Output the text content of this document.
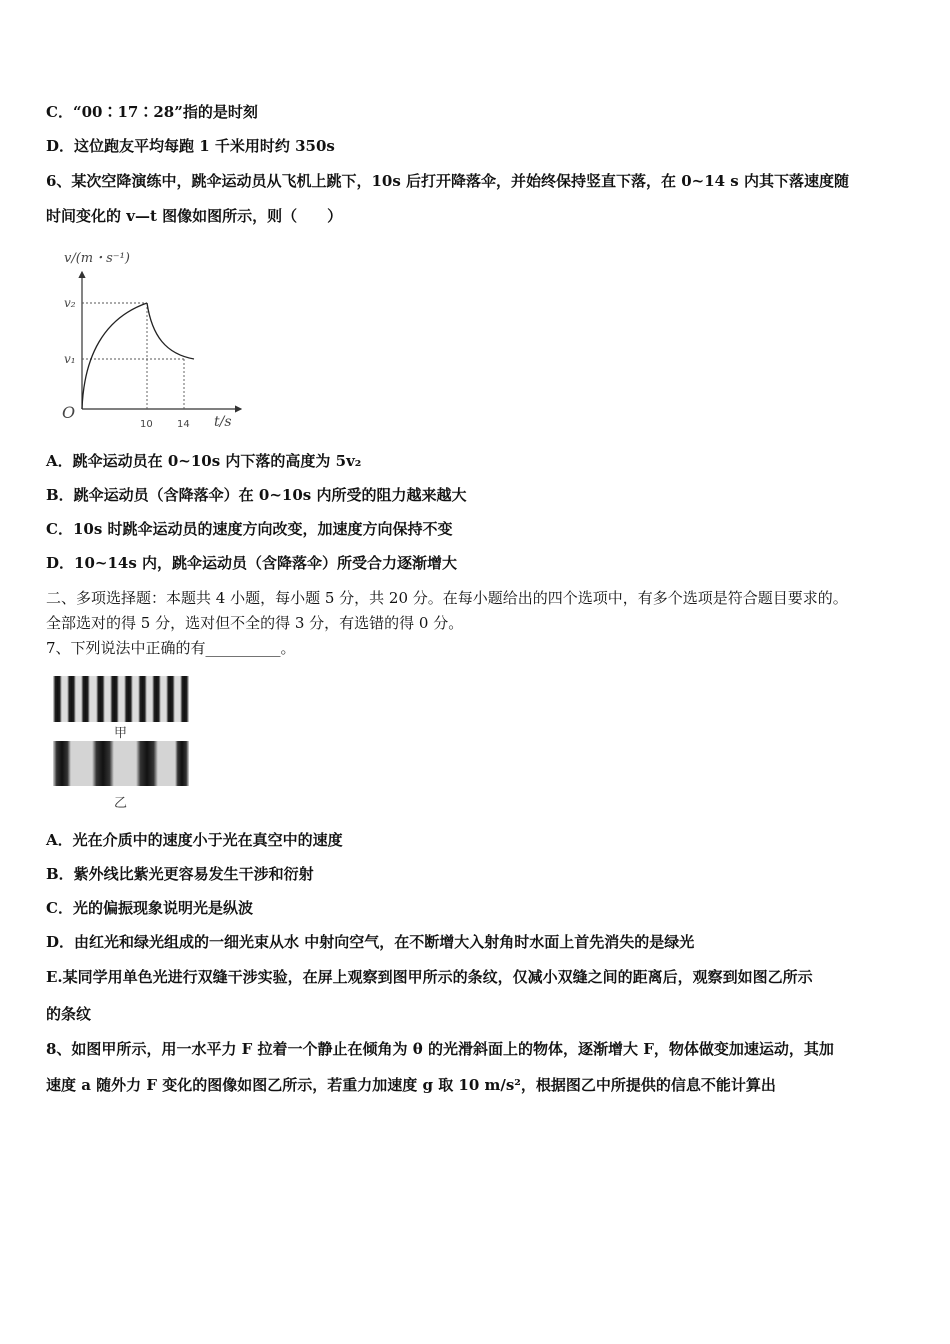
C．“00∶17∶28”指的是时刻
D．这位跑友平均每跑 1 千米用时约 350s
6、某次空降演练中，跳伞运动员从飞机上跳下，10s 后打开降落伞，并始终保持竖直下落，在 0~14 s 内其下落速度随
时间变化的 v—t 图像如图所示，则（　　）
v/(m・s⁻¹)
t/s
O
v₂
v₁
10 14
A．跳伞运动员在 0~10s 内下落的高度为 5v₂
B．跳伞运动员（含降落伞）在 0~10s 内所受的阻力越来越大
C．10s 时跳伞运动员的速度方向改变，加速度方向保持不变
D．10~14s 内，跳伞运动员（含降落伞）所受合力逐渐增大
二、多项选择题：本题共 4 小题，每小题 5 分，共 20 分。在每小题给出的四个选项中，有多个选项是符合题目要求的。
全部选对的得 5 分，选对但不全的得 3 分，有选错的得 0 分。
7、下列说法中正确的有__________。
甲
乙
A．光在介质中的速度小于光在真空中的速度
B．紫外线比紫光更容易发生干涉和衍射
C．光的偏振现象说明光是纵波
D．由红光和绿光组成的一细光束从水 中射向空气，在不断增大入射角时水面上首先消失的是绿光
E.某同学用单色光进行双缝干涉实验，在屏上观察到图甲所示的条纹，仅减小双缝之间的距离后，观察到如图乙所示
的条纹
8、如图甲所示，用一水平力 F 拉着一个静止在倾角为 θ 的光滑斜面上的物体，逐渐增大 F，物体做变加速运动，其加
速度 a 随外力 F 变化的图像如图乙所示，若重力加速度 g 取 10 m/s²，根据图乙中所提供的信息不能计算出
